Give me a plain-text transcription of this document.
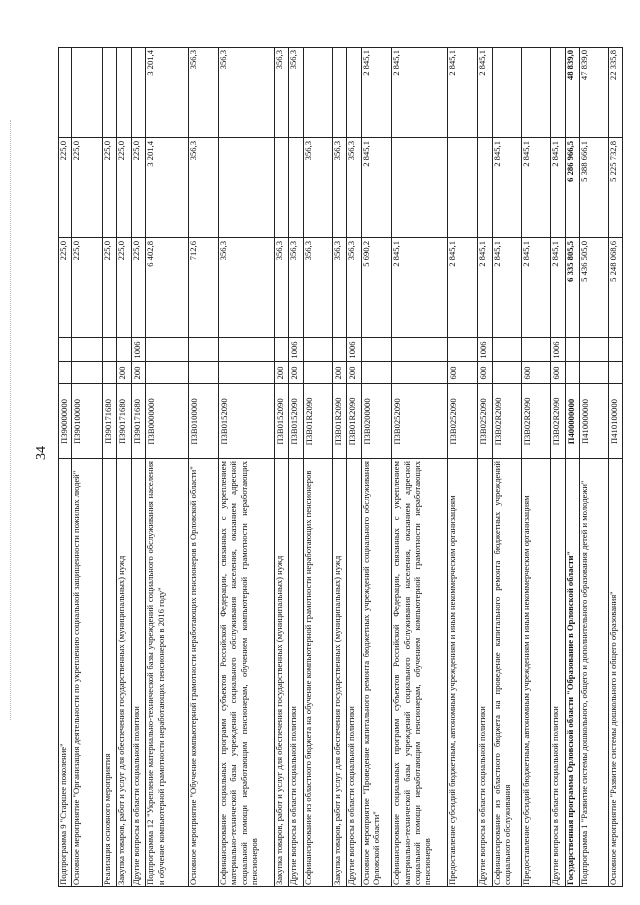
34
Подпрограмма 9 "Старшее поколение"
П390000000
225,0
225,0
Основное мероприятие "Организация деятельности по укреплению социальной защищенности пожилых людей"
П390100000
225,0
225,0
Реализация основного мероприятия
П390171680
225,0
225,0
Закупка товаров, работ и услуг для обеспечения государственных (муниципальных) нужд
П390171680
200
225,0
225,0
Другие вопросы в области социальной политики
П390171680
200
1006
225,0
225,0
Подпрограмма 12 "Укрепление материально-технической базы учреждений социального обслуживания населения и обучение компьютерной грамотности неработающих пенсионеров в 2016 году"
П3В0000000
6 402,8
3 201,4
3 201,4
Основное мероприятие "Обучение компьютерной грамотности неработающих пенсионеров в Орловской области"
П3В0100000
712,6
356,3
356,3
Софинансирование социальных программ субъектов Российской Федерации, связанных с укреплением материально-технической базы учреждений социального обслуживания населения, оказанием адресной социальной помощи неработающим пенсионерам, обучением компьютерной грамотности неработающих пенсионеров
П3В0152090
356,3
356,3
Закупка товаров, работ и услуг для обеспечения государственных (муниципальных) нужд
П3В0152090
200
356,3
356,3
Другие вопросы в области социальной политики
П3В0152090
200
1006
356,3
356,3
Софинансирование из областного бюджета на обучение компьютерной грамотности неработающих пенсионеров
П3В01R2090
356,3
356,3
Закупка товаров, работ и услуг для обеспечения государственных (муниципальных) нужд
П3В01R2090
200
356,3
356,3
Другие вопросы в области социальной политики
П3В01R2090
200
1006
356,3
356,3
Основное мероприятие "Проведение капитального ремонта бюджетных учреждений социального обслуживания Орловской области"
П3В0200000
5 690,2
2 845,1
2 845,1
Софинансирование социальных программ субъектов Российской Федерации, связанных с укреплением материально-технической базы учреждений социального обслуживания населения, оказанием адресной социальной помощи неработающим пенсионерам, обучением компьютерной грамотности неработающих пенсионеров
П3В0252090
2 845,1
2 845,1
Предоставление субсидий бюджетным, автономным учреждениям и иным некоммерческим организациям
П3В0252090
600
2 845,1
2 845,1
Другие вопросы в области социальной политики
П3В0252090
600
1006
2 845,1
2 845,1
Софинансирование из областного бюджета на проведение капитального ремонта бюджетных учреждений социального обслуживания
П3В02R2090
2 845,1
2 845,1
Предоставление субсидий бюджетным, автономным учреждениям и иным некоммерческим организациям
П3В02R2090
600
2 845,1
2 845,1
Другие вопросы в области социальной политики
П3В02R2090
600
1006
2 845,1
2 845,1
Государственная программа Орловской области "Образование в Орловской области"
П400000000
6 335 805,5
6 286 966,5
48 839,0
Подпрограмма 1 "Развитие системы дошкольного, общего и дополнительного образования детей и молодежи"
П410000000
5 436 505,0
5 388 666,1
47 839,0
Основное мероприятие "Развитие системы дошкольного и общего образования"
П410100000
5 248 068,6
5 225 732,8
22 335,8
